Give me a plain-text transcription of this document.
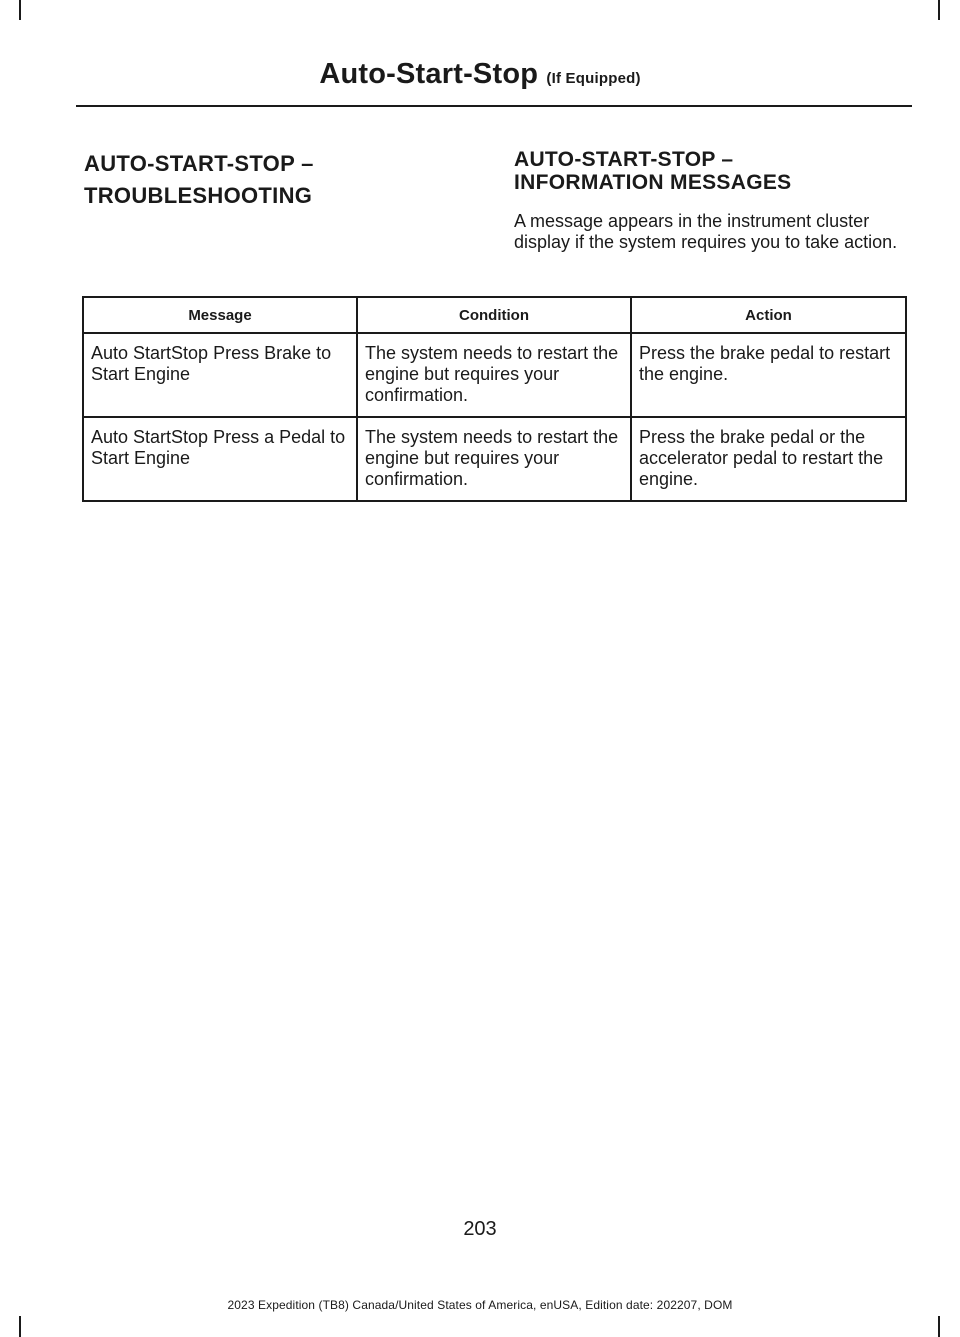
Auto-Start-Stop (If Equipped)
AUTO-START-STOP –
TROUBLESHOOTING
AUTO-START-STOP –
INFORMATION MESSAGES
A message appears in the instrument cluster display if the system requires you to take action.
Message	Condition	Action
Auto StartStop Press Brake to Start Engine	The system needs to restart the engine but requires your confirmation.	Press the brake pedal to restart the engine.
Auto StartStop Press a Pedal to Start Engine	The system needs to restart the engine but requires your confirmation.	Press the brake pedal or the accelerator pedal to restart the engine.
203
2023 Expedition (TB8) Canada/United States of America, enUSA, Edition date: 202207, DOM
